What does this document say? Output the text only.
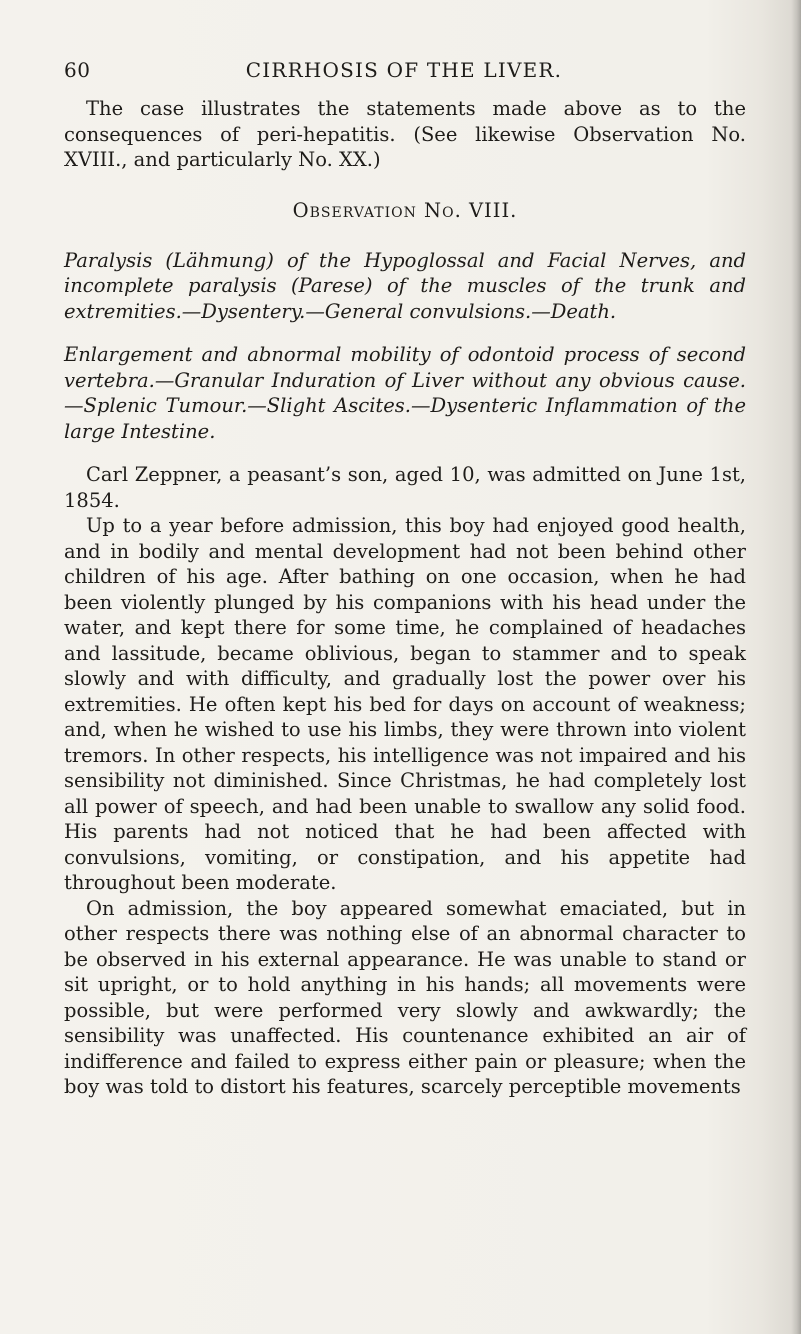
60	CIRRHOSIS OF THE LIVER.

The case illustrates the statements made above as to the consequences of peri-hepatitis. (See likewise Observation No. XVIII., and particularly No. XX.)

Observation No. VIII.

Paralysis (Lähmung) of the Hypoglossal and Facial Nerves, and incomplete paralysis (Parese) of the muscles of the trunk and extremities.—Dysentery.—General convulsions.—Death.

Enlargement and abnormal mobility of odontoid process of second vertebra.—Granular Induration of Liver without any obvious cause. —Splenic Tumour.—Slight Ascites.—Dysenteric Inflammation of the large Intestine.

Carl Zeppner, a peasant’s son, aged 10, was admitted on June 1st, 1854.

Up to a year before admission, this boy had enjoyed good health, and in bodily and mental development had not been behind other children of his age. After bathing on one occasion, when he had been violently plunged by his companions with his head under the water, and kept there for some time, he complained of headaches and lassitude, became oblivious, began to stammer and to speak slowly and with difficulty, and gradually lost the power over his extremities. He often kept his bed for days on account of weakness; and, when he wished to use his limbs, they were thrown into violent tremors. In other respects, his intelligence was not impaired and his sensibility not diminished. Since Christmas, he had completely lost all power of speech, and had been unable to swallow any solid food. His parents had not noticed that he had been affected with convulsions, vomiting, or constipation, and his appetite had throughout been moderate.

On admission, the boy appeared somewhat emaciated, but in other respects there was nothing else of an abnormal character to be observed in his external appearance. He was unable to stand or sit upright, or to hold anything in his hands; all movements were possible, but were performed very slowly and awkwardly; the sensibility was unaffected. His countenance exhibited an air of indifference and failed to express either pain or pleasure; when the boy was told to distort his features, scarcely perceptible movements
